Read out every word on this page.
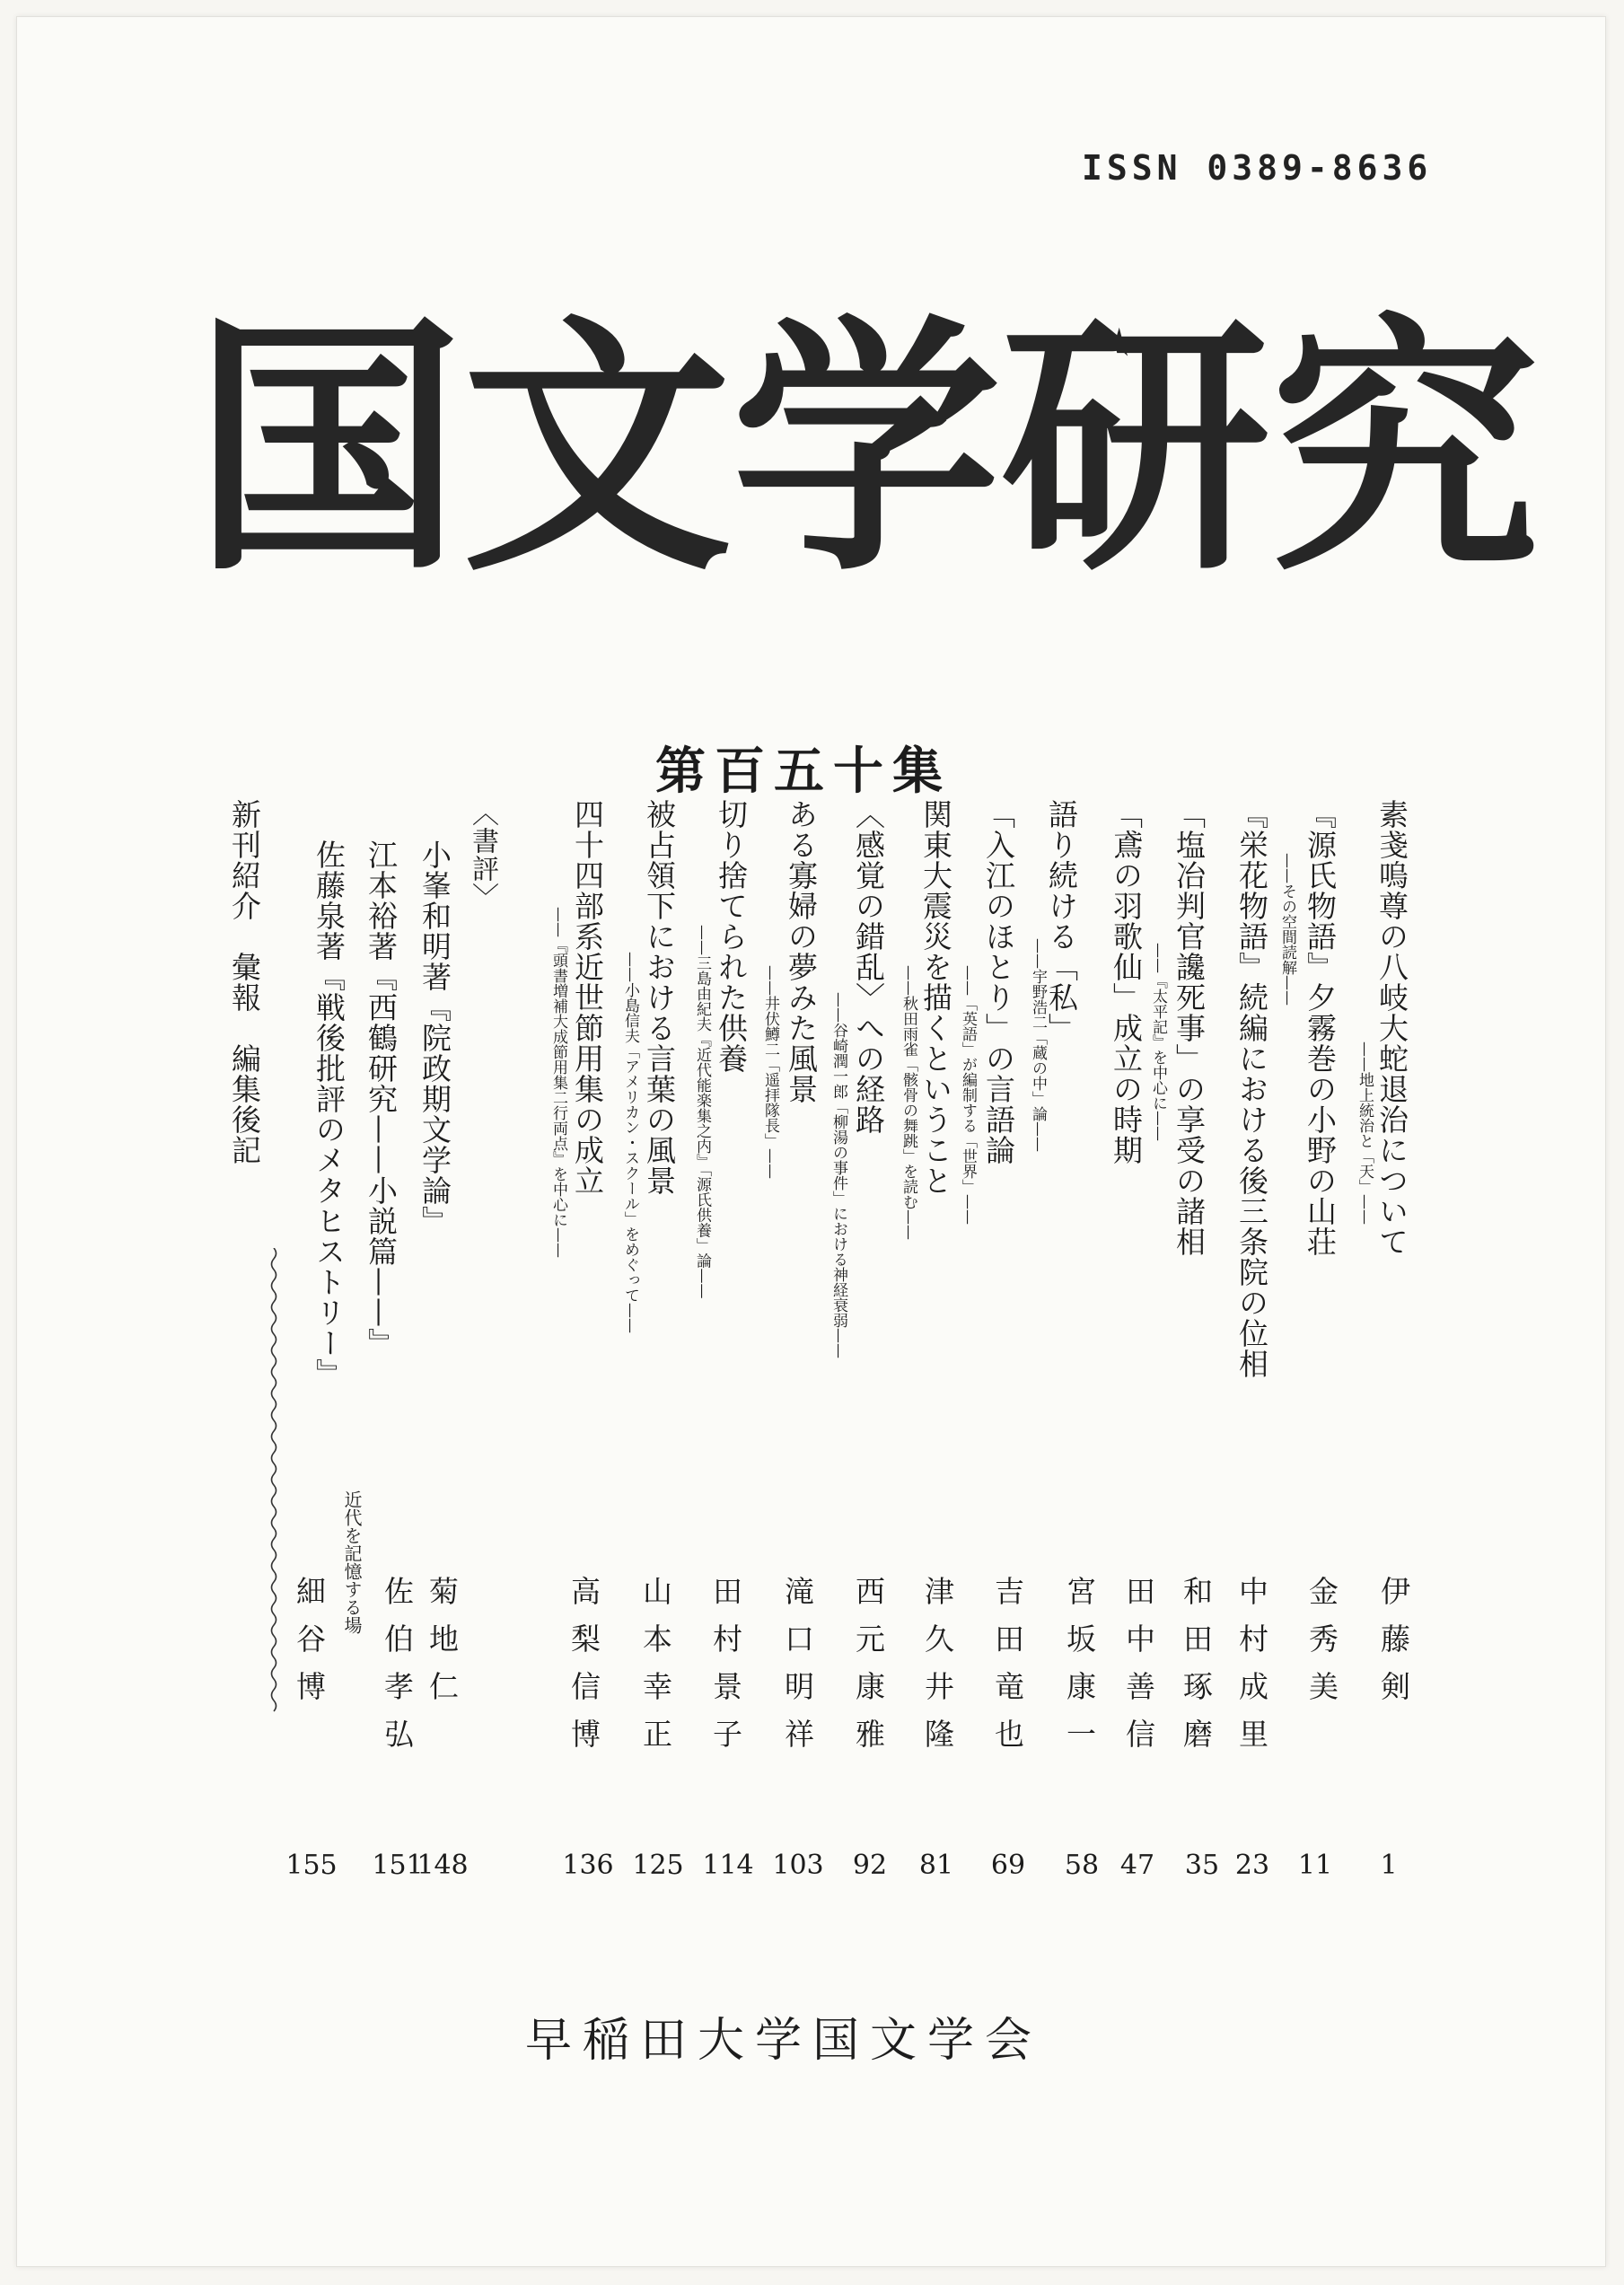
ISSN 0389-8636
国 文 学 研 究
第百五十集
素戔嗚尊の八岐大蛇退治について
——地上統治と「天」——
『源氏物語』夕霧巻の小野の山荘
——その空間読解——
『栄花物語』続編における後三条院の位相
「塩冶判官讒死事」の享受の諸相
——『太平記』を中心に——
「鳶の羽歌仙」成立の時期
語り続ける「私」
——宇野浩二「蔵の中」論——
「入江のほとり」の言語論
——「英語」が編制する「世界」——
関東大震災を描くということ
——秋田雨雀「骸骨の舞跳」を読む——
〈感覚の錯乱〉への経路
——谷崎潤一郎「柳湯の事件」における神経衰弱——
ある寡婦の夢みた風景
——井伏鱒二「遥拝隊長」——
切り捨てられた供養
——三島由紀夫『近代能楽集之内』「源氏供養」論——
被占領下における言葉の風景
——小島信夫「アメリカン・スクール」をめぐって——
四十四部系近世節用集の成立
——『頭書増補大成節用集二行両点』を中心に——
〈書評〉
小峯和明著『院政期文学論』
江本裕著『西鶴研究——小説篇——』
佐藤泉著『戦後批評のメタヒストリー』
近代を記憶する場
新刊紹介　彙報　編集後記
伊藤剣
金秀美
中村成里
和田琢磨
田中善信
宮坂康一
吉田竜也
津久井隆
西元康雅
滝口明祥
田村景子
山本幸正
高梨信博
菊地仁
佐伯孝弘
細谷博
1
11
23
35
47
58
69
81
92
103
114
125
136
148
151
155
早稲田大学国文学会
